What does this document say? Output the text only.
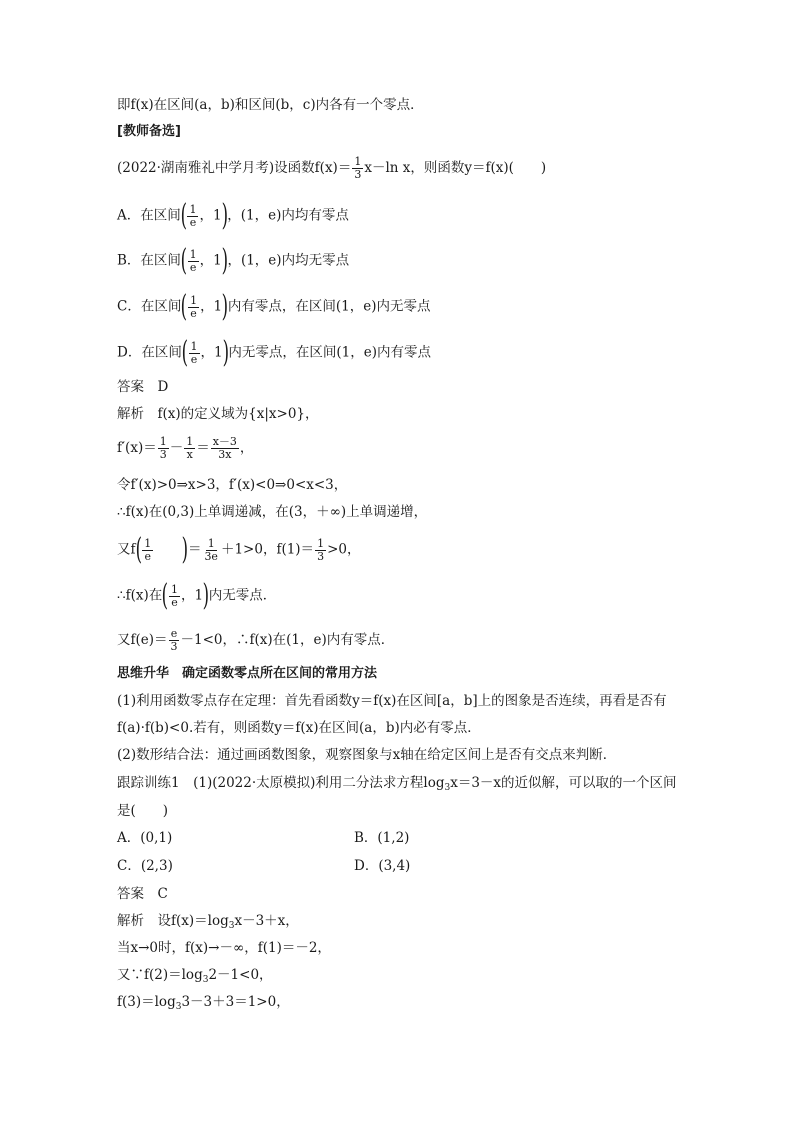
即f(x)在区间(a，b)和区间(b，c)内各有一个零点．
[教师备选]
(2022·湖南雅礼中学月考)设函数$f(x)= \frac{1}{3} x-\ln$ x，则函数y＝f(x)(　　)
A．在区间( $\frac{1}{e}$ ，1)，(1，e)内均有零点
B．在区间( $\frac{1}{e}$ ，1)，(1，e)内均无零点
C．在区间( $\frac{1}{e}$ ，1)内有零点，在区间(1，e)内无零点
D．在区间( $\frac{1}{e}$ ，1)内无零点，在区间(1，e)内有零点
答案　D
解析　f(x)的定义域为{x|x>0}，
$f'(x)= \frac{1}{3} - \frac{1}{x} = \frac{x-3}{3x}$ ，
令f′(x)>0⇒x>3，f′(x)<0⇒0<x<3，
∴f(x)在(0,3)上单调递减，在(3，＋∞)上单调递增，
又$f( \frac{1}{e}$ )＝ $\frac{1}{3e} +1>0$，$f(1)= \frac{1}{3} >0$，
∴f(x)在( $\frac{1}{e}$ ，1)内无零点．
又$f(e)= \frac{e}{3} -1<0$，∴f(x)在(1，e)内有零点．
思维升华　确定函数零点所在区间的常用方法
(1)利用函数零点存在定理：首先看函数y＝f(x)在区间[a，b]上的图象是否连续，再看是否有
f(a)·f(b)<0.若有，则函数y＝f(x)在区间(a，b)内必有零点．
(2)数形结合法：通过画函数图象，观察图象与x轴在给定区间上是否有交点来判断．
跟踪训练1　(1)(2022·太原模拟)利用二分法求方程$\log_3x=3-x$的近似解，可以取的一个区间
是(　　)
A．(0,1)	B．(1,2)
C．(2,3)	D．(3,4)
答案　C
解析　设$f(x)=\log_3x-3+x$，
当x→0时，f(x)→－∞，f(1)＝－2，
又$\because f(2)=\log_32-1<0$，
$f(3)=\log_33-3+3=1>0$，
